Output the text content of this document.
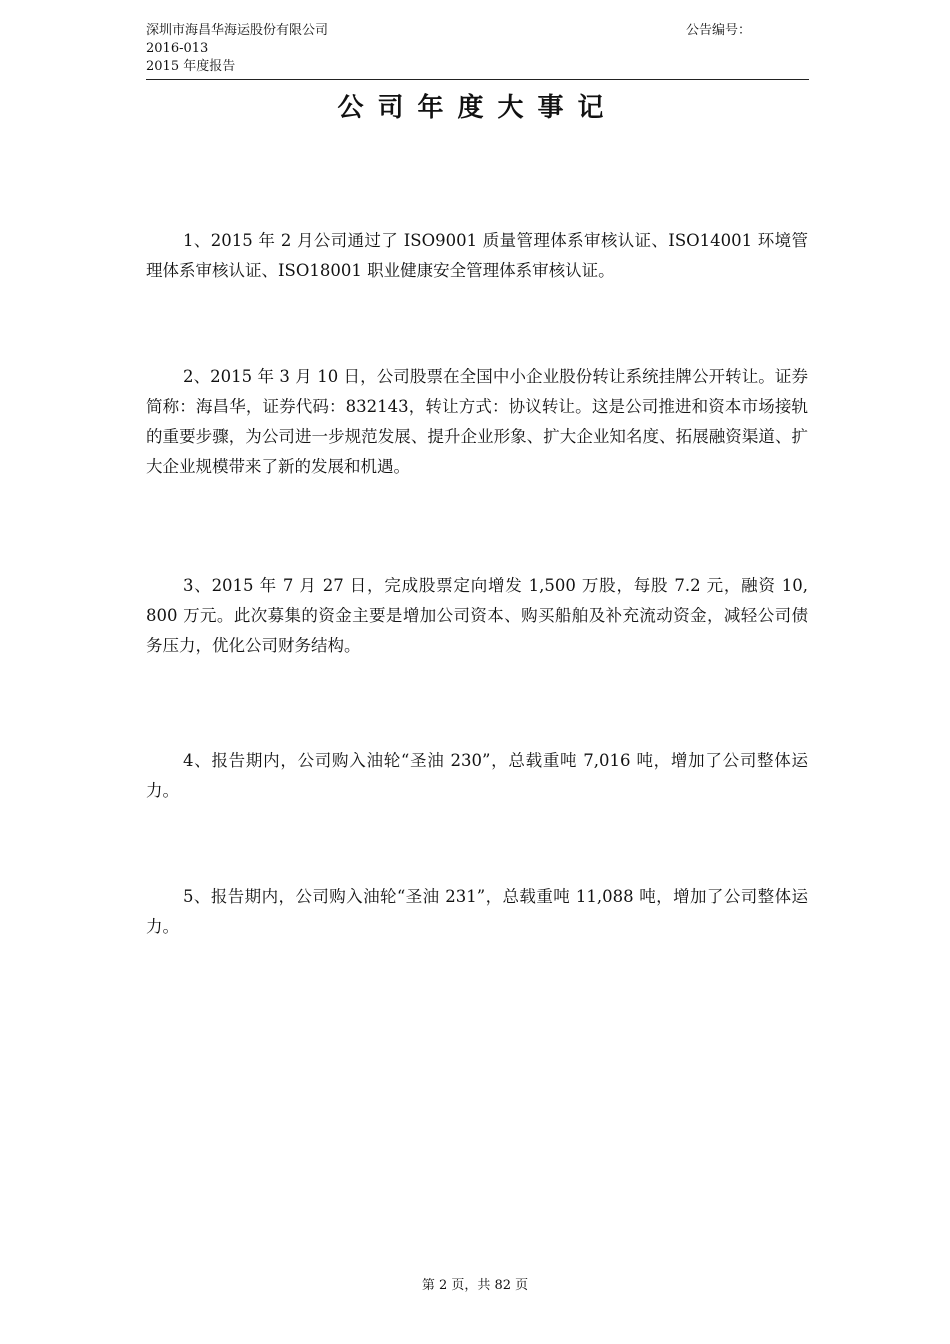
深圳市海昌华海运股份有限公司	公告编号：
2016-013
2015 年度报告
公司年度大事记

1、2015 年 2 月公司通过了 ISO9001 质量管理体系审核认证、ISO14001 环境管理体系审核认证、ISO18001 职业健康安全管理体系审核认证。

2、2015 年 3 月 10 日，公司股票在全国中小企业股份转让系统挂牌公开转让。证券简称：海昌华，证券代码：832143，转让方式：协议转让。这是公司推进和资本市场接轨的重要步骤，为公司进一步规范发展、提升企业形象、扩大企业知名度、拓展融资渠道、扩大企业规模带来了新的发展和机遇。

3、2015 年 7 月 27 日，完成股票定向增发 1,500 万股，每股 7.2 元，融资 10, 800 万元。此次募集的资金主要是增加公司资本、购买船舶及补充流动资金，减轻公司债务压力，优化公司财务结构。

4、报告期内，公司购入油轮“圣油 230”，总载重吨 7,016 吨，增加了公司整体运力。

5、报告期内，公司购入油轮“圣油 231”，总载重吨 11,088 吨，增加了公司整体运力。

第 2 页，共 82 页
